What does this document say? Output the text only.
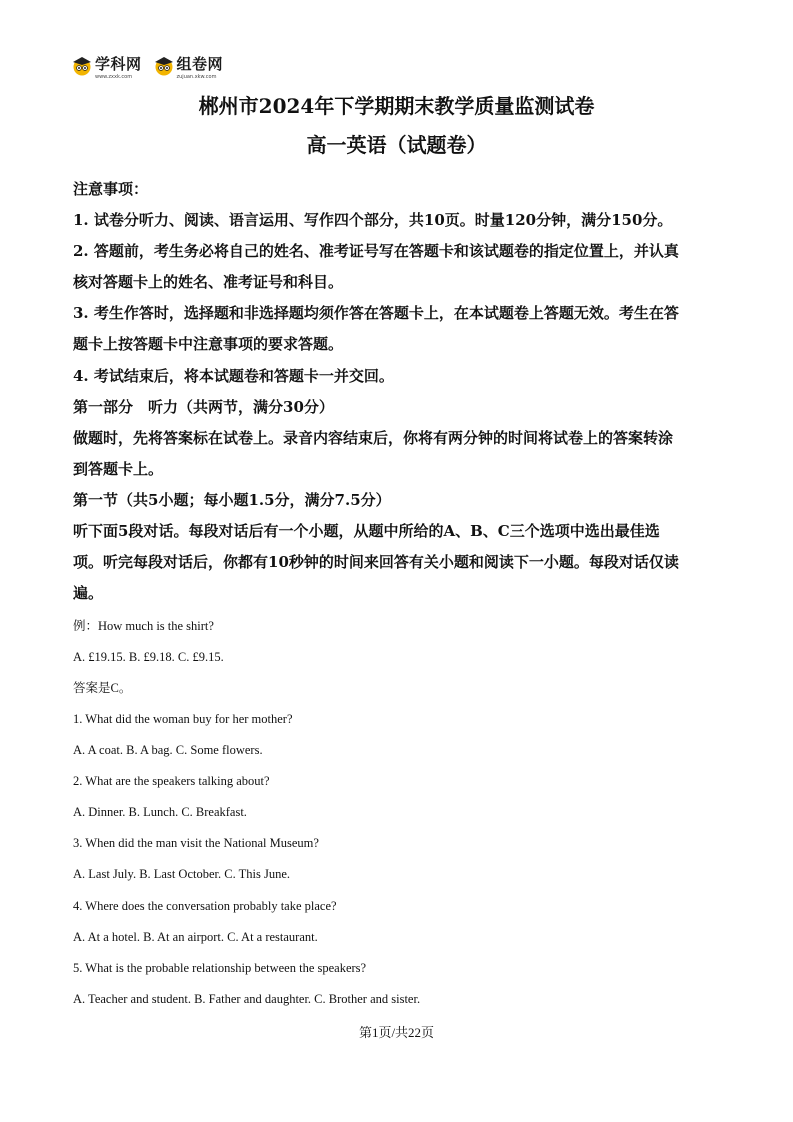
学科网
www.zxxk.com
组卷网
zujuan.xkw.com
郴州市2024年下学期期末教学质量监测试卷
高一英语（试题卷）
注意事项：
1. 试卷分听力、阅读、语言运用、写作四个部分，共10页。时量120分钟，满分150分。
2. 答题前，考生务必将自己的姓名、准考证号写在答题卡和该试题卷的指定位置上，并认真
核对答题卡上的姓名、准考证号和科目。
3. 考生作答时，选择题和非选择题均须作答在答题卡上，在本试题卷上答题无效。考生在答
题卡上按答题卡中注意事项的要求答题。
4. 考试结束后，将本试题卷和答题卡一并交回。
第一部分　听力（共两节，满分30分）
做题时，先将答案标在试卷上。录音内容结束后，你将有两分钟的时间将试卷上的答案转涂
到答题卡上。
第一节（共5小题；每小题1.5分，满分7.5分）
听下面5段对话。每段对话后有一个小题，从题中所给的A、B、C三个选项中选出最佳选
项。听完每段对话后，你都有10秒钟的时间来回答有关小题和阅读下一小题。每段对话仅读
遍。
例：How much is the shirt?
A. £19.15. B. £9.18. C. £9.15.
答案是C。
1. What did the woman buy for her mother?
A. A coat. B. A bag. C. Some flowers.
2. What are the speakers talking about?
A. Dinner. B. Lunch. C. Breakfast.
3. When did the man visit the National Museum?
A. Last July. B. Last October. C. This June.
4. Where does the conversation probably take place?
A. At a hotel. B. At an airport. C. At a restaurant.
5. What is the probable relationship between the speakers?
A. Teacher and student. B. Father and daughter. C. Brother and sister.
第1页/共22页
